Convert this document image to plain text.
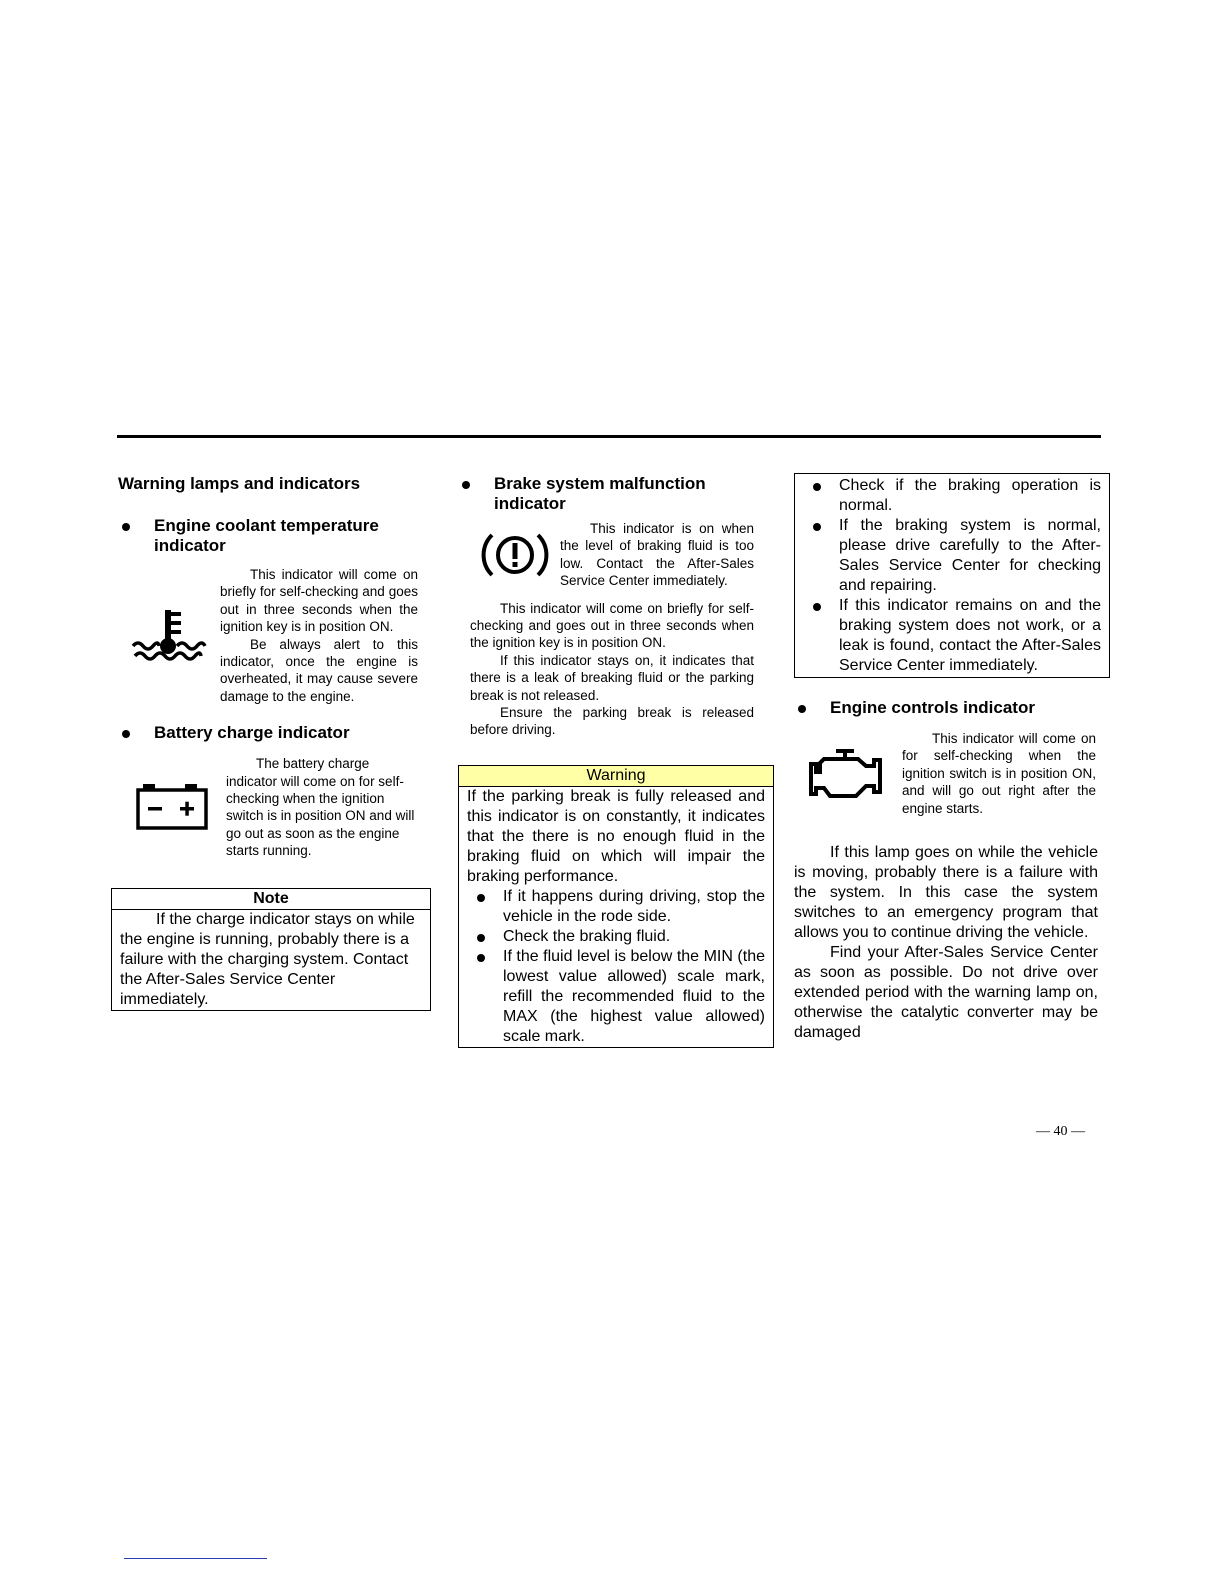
Warning lamps and indicators
Engine coolant temperature indicator

This indicator will come on briefly for self-checking and goes out in three seconds when the ignition key is in position ON.

Be always alert to this indicator, once the engine is overheated, it may cause severe damage to the engine.

Battery charge indicator

The battery charge indicator will come on for self-checking when the ignition switch is in position ON and will go out as soon as the engine starts running.

Note

If the charge indicator stays on while the engine is running, probably there is a failure with the charging system. Contact the After-Sales Service Center immediately.

Brake system malfunction indicator

This indicator is on when the level of braking fluid is too low. Contact the After-Sales Service Center immediately.

This indicator will come on briefly for self-checking and goes out in three seconds when the ignition key is in position ON.

If this indicator stays on, it indicates that there is a leak of breaking fluid or the parking break is not released.

Ensure the parking break is released before driving.

Warning

If the parking break is fully released and this indicator is on constantly, it indicates that the there is no enough fluid in the braking fluid on which will impair the braking performance.

If it happens during driving, stop the vehicle in the rode side.
Check the braking fluid.
If the fluid level is below the MIN (the lowest value allowed) scale mark, refill the recommended fluid to the MAX (the highest value allowed) scale mark.
Check if the braking operation is normal.
If the braking system is normal, please drive carefully to the After-Sales Service Center for checking and repairing.
If this indicator remains on and the braking system does not work, or a leak is found, contact the After-Sales Service Center immediately.
Engine controls indicator

This indicator will come on for self-checking when the ignition switch is in position ON, and will go out right after the engine starts.

If this lamp goes on while the vehicle is moving, probably there is a failure with the system. In this case the system switches to an emergency program that allows you to continue driving the vehicle.

Find your After-Sales Service Center as soon as possible. Do not drive over extended period with the warning lamp on, otherwise the catalytic converter may be damaged

— 40 —
